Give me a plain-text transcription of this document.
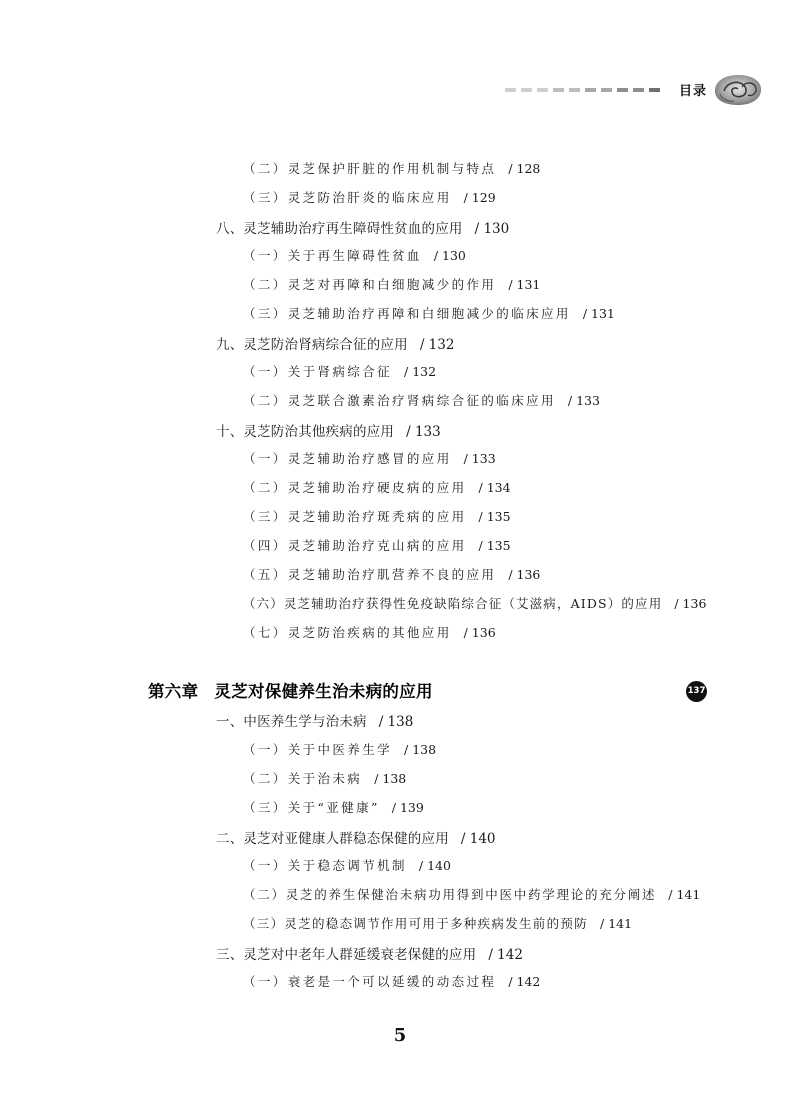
目录
（二）灵芝保护肝脏的作用机制与特点 / 128
（三）灵芝防治肝炎的临床应用 / 129
八、灵芝辅助治疗再生障碍性贫血的应用 / 130
（一）关于再生障碍性贫血 / 130
（二）灵芝对再障和白细胞减少的作用 / 131
（三）灵芝辅助治疗再障和白细胞减少的临床应用 / 131
九、灵芝防治肾病综合征的应用 / 132
（一）关于肾病综合征 / 132
（二）灵芝联合激素治疗肾病综合征的临床应用 / 133
十、灵芝防治其他疾病的应用 / 133
（一）灵芝辅助治疗感冒的应用 / 133
（二）灵芝辅助治疗硬皮病的应用 / 134
（三）灵芝辅助治疗斑秃病的应用 / 135
（四）灵芝辅助治疗克山病的应用 / 135
（五）灵芝辅助治疗肌营养不良的应用 / 136
（六）灵芝辅助治疗获得性免疫缺陷综合征（艾滋病，AIDS）的应用 / 136
（七）灵芝防治疾病的其他应用 / 136
第六章 灵芝对保健养生治未病的应用	137
一、中医养生学与治未病 / 138
（一）关于中医养生学 / 138
（二）关于治未病 / 138
（三）关于“亚健康” / 139
二、灵芝对亚健康人群稳态保健的应用 / 140
（一）关于稳态调节机制 / 140
（二）灵芝的养生保健治未病功用得到中医中药学理论的充分阐述 / 141
（三）灵芝的稳态调节作用可用于多种疾病发生前的预防 / 141
三、灵芝对中老年人群延缓衰老保健的应用 / 142
（一）衰老是一个可以延缓的动态过程 / 142
5
